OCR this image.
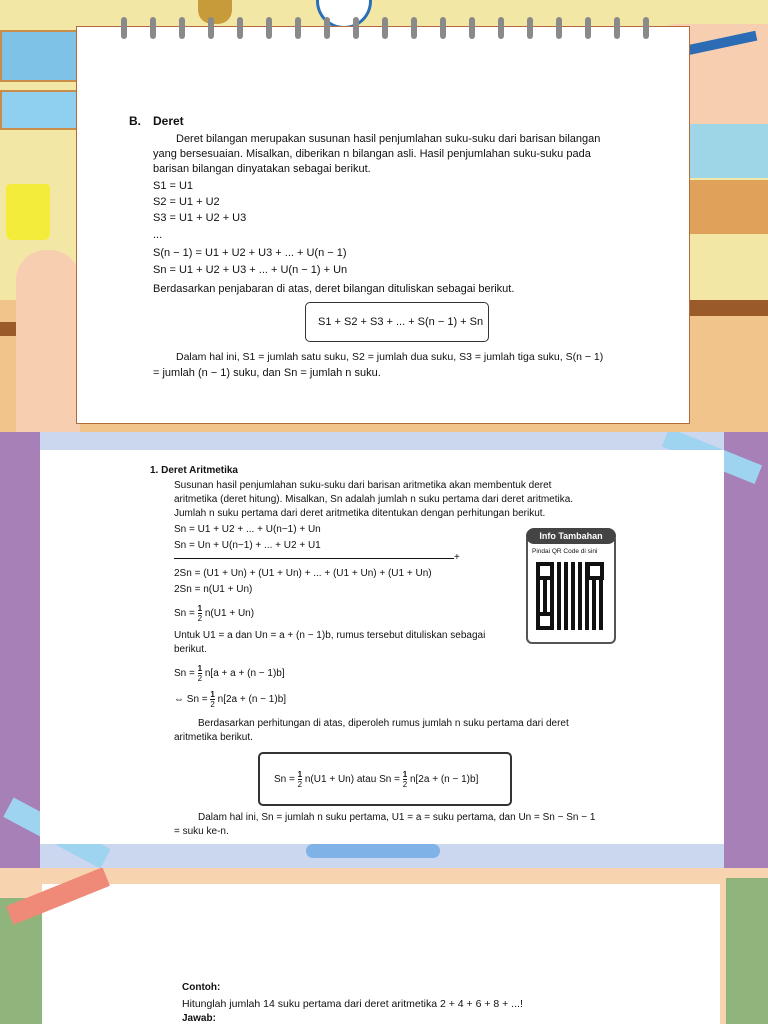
B. Deret
Deret bilangan merupakan susunan hasil penjumlahan suku-suku dari barisan bilangan
yang bersesuaian. Misalkan, diberikan n bilangan asli. Hasil penjumlahan suku-suku pada
barisan bilangan dinyatakan sebagai berikut.
S1 = U1
S2 = U1 + U2
S3 = U1 + U2 + U3
...
S(n − 1) = U1 + U2 + U3 + ... + U(n − 1)
Sn = U1 + U2 + U3 + ... + U(n − 1) + Un
Berdasarkan penjabaran di atas, deret bilangan dituliskan sebagai berikut.
S1 + S2 + S3 + ... + S(n − 1) + Sn
Dalam hal ini, S1 = jumlah satu suku, S2 = jumlah dua suku, S3 = jumlah tiga suku, S(n − 1)
= jumlah (n − 1) suku, dan Sn = jumlah n suku.
1. Deret Aritmetika
Susunan hasil penjumlahan suku-suku dari barisan aritmetika akan membentuk deret
aritmetika (deret hitung). Misalkan, Sn adalah jumlah n suku pertama dari deret aritmetika.
Jumlah n suku pertama dari deret aritmetika ditentukan dengan perhitungan berikut.
Sn = U1 + U2 + ... + U(n−1) + Un
Sn = Un + U(n−1) + ... + U2 + U1
+
2Sn = (U1 + Un) + (U1 + Un) + ... + (U1 + Un) + (U1 + Un)
2Sn = n(U1 + Un)
$Sn = \frac{1}{2} n(U1 + Un)$
Untuk U1 = a dan Un = a + (n − 1)b, rumus tersebut dituliskan sebagai
berikut.
$Sn = \frac{1}{2} n[a + a + (n - 1)b]$
⇔ $Sn = \frac{1}{2} n[2a + (n - 1)b]$
Berdasarkan perhitungan di atas, diperoleh rumus jumlah n suku pertama dari deret
aritmetika berikut.
$Sn = \frac{1}{2} n(U1 + Un)$ atau $Sn = \frac{1}{2} n[2a + (n - 1)b]$
Dalam hal ini, Sn = jumlah n suku pertama, U1 = a = suku pertama, dan Un = Sn − Sn − 1
= suku ke-n.
Info Tambahan
Pindai QR Code di sini
Contoh:
Hitunglah jumlah 14 suku pertama dari deret aritmetika 2 + 4 + 6 + 8 + ...!
Jawab:
